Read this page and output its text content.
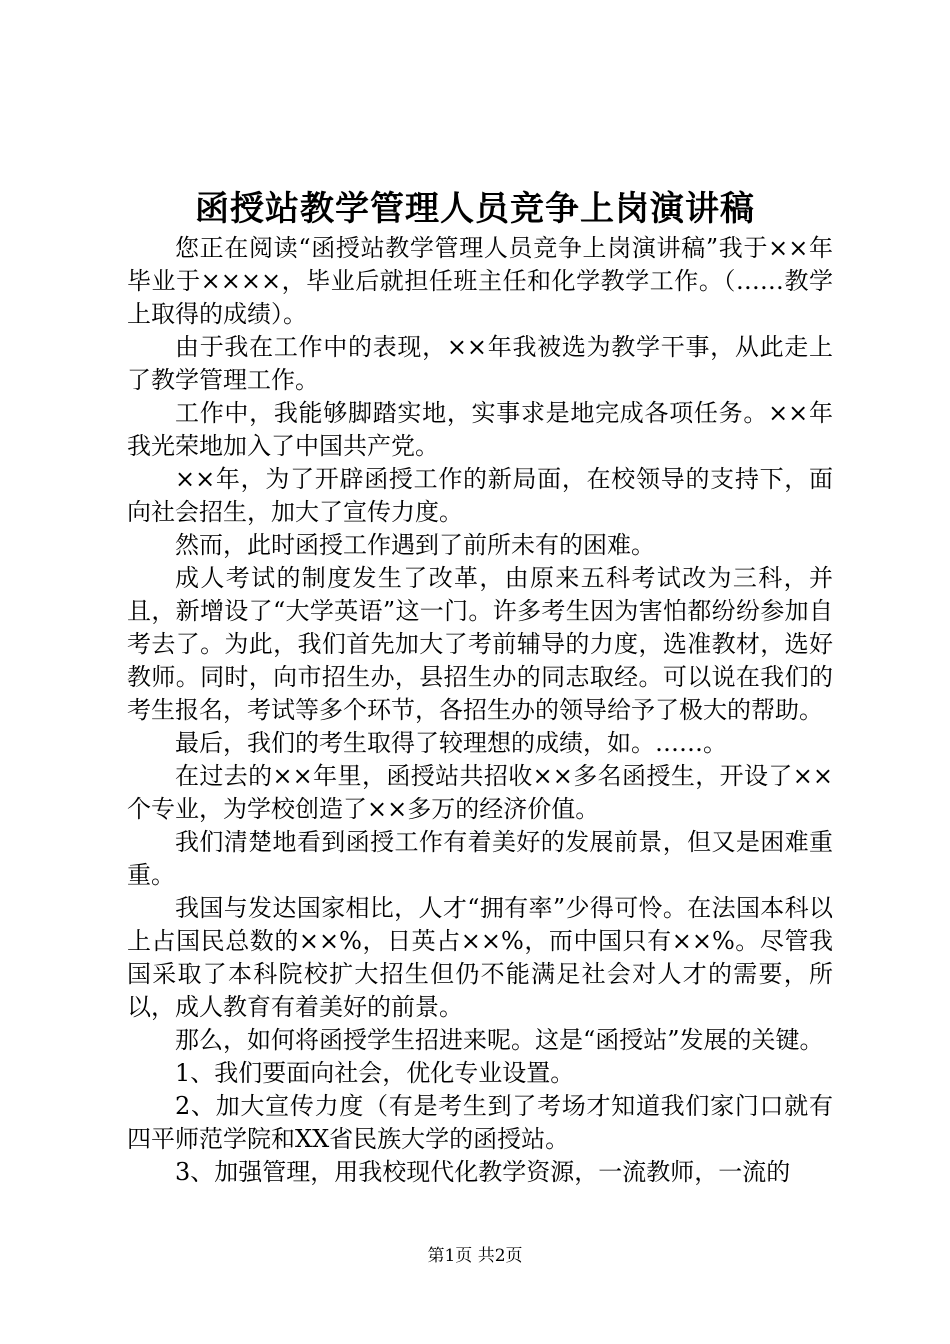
函授站教学管理人员竞争上岗演讲稿

您正在阅读“函授站教学管理人员竞争上岗演讲稿”我于××年毕业于××××，毕业后就担任班主任和化学教学工作。（……教学上取得的成绩）。

由于我在工作中的表现，××年我被选为教学干事，从此走上了教学管理工作。

工作中，我能够脚踏实地，实事求是地完成各项任务。××年我光荣地加入了中国共产党。

××年，为了开辟函授工作的新局面，在校领导的支持下，面向社会招生，加大了宣传力度。

然而，此时函授工作遇到了前所未有的困难。

成人考试的制度发生了改革，由原来五科考试改为三科，并且，新增设了“大学英语”这一门。许多考生因为害怕都纷纷参加自考去了。为此，我们首先加大了考前辅导的力度，选准教材，选好教师。同时，向市招生办，县招生办的同志取经。可以说在我们的考生报名，考试等多个环节，各招生办的领导给予了极大的帮助。

最后，我们的考生取得了较理想的成绩，如。……。

在过去的××年里，函授站共招收××多名函授生，开设了××个专业，为学校创造了××多万的经济价值。

我们清楚地看到函授工作有着美好的发展前景，但又是困难重重。

我国与发达国家相比，人才“拥有率”少得可怜。在法国本科以上占国民总数的××%，日英占××%，而中国只有××%。尽管我国采取了本科院校扩大招生但仍不能满足社会对人才的需要，所以，成人教育有着美好的前景。

那么，如何将函授学生招进来呢。这是“函授站”发展的关键。

1、我们要面向社会，优化专业设置。

2、加大宣传力度（有是考生到了考场才知道我们家门口就有四平师范学院和XX省民族大学的函授站。

3、加强管理，用我校现代化教学资源，一流教师，一流的

第1页 共2页
